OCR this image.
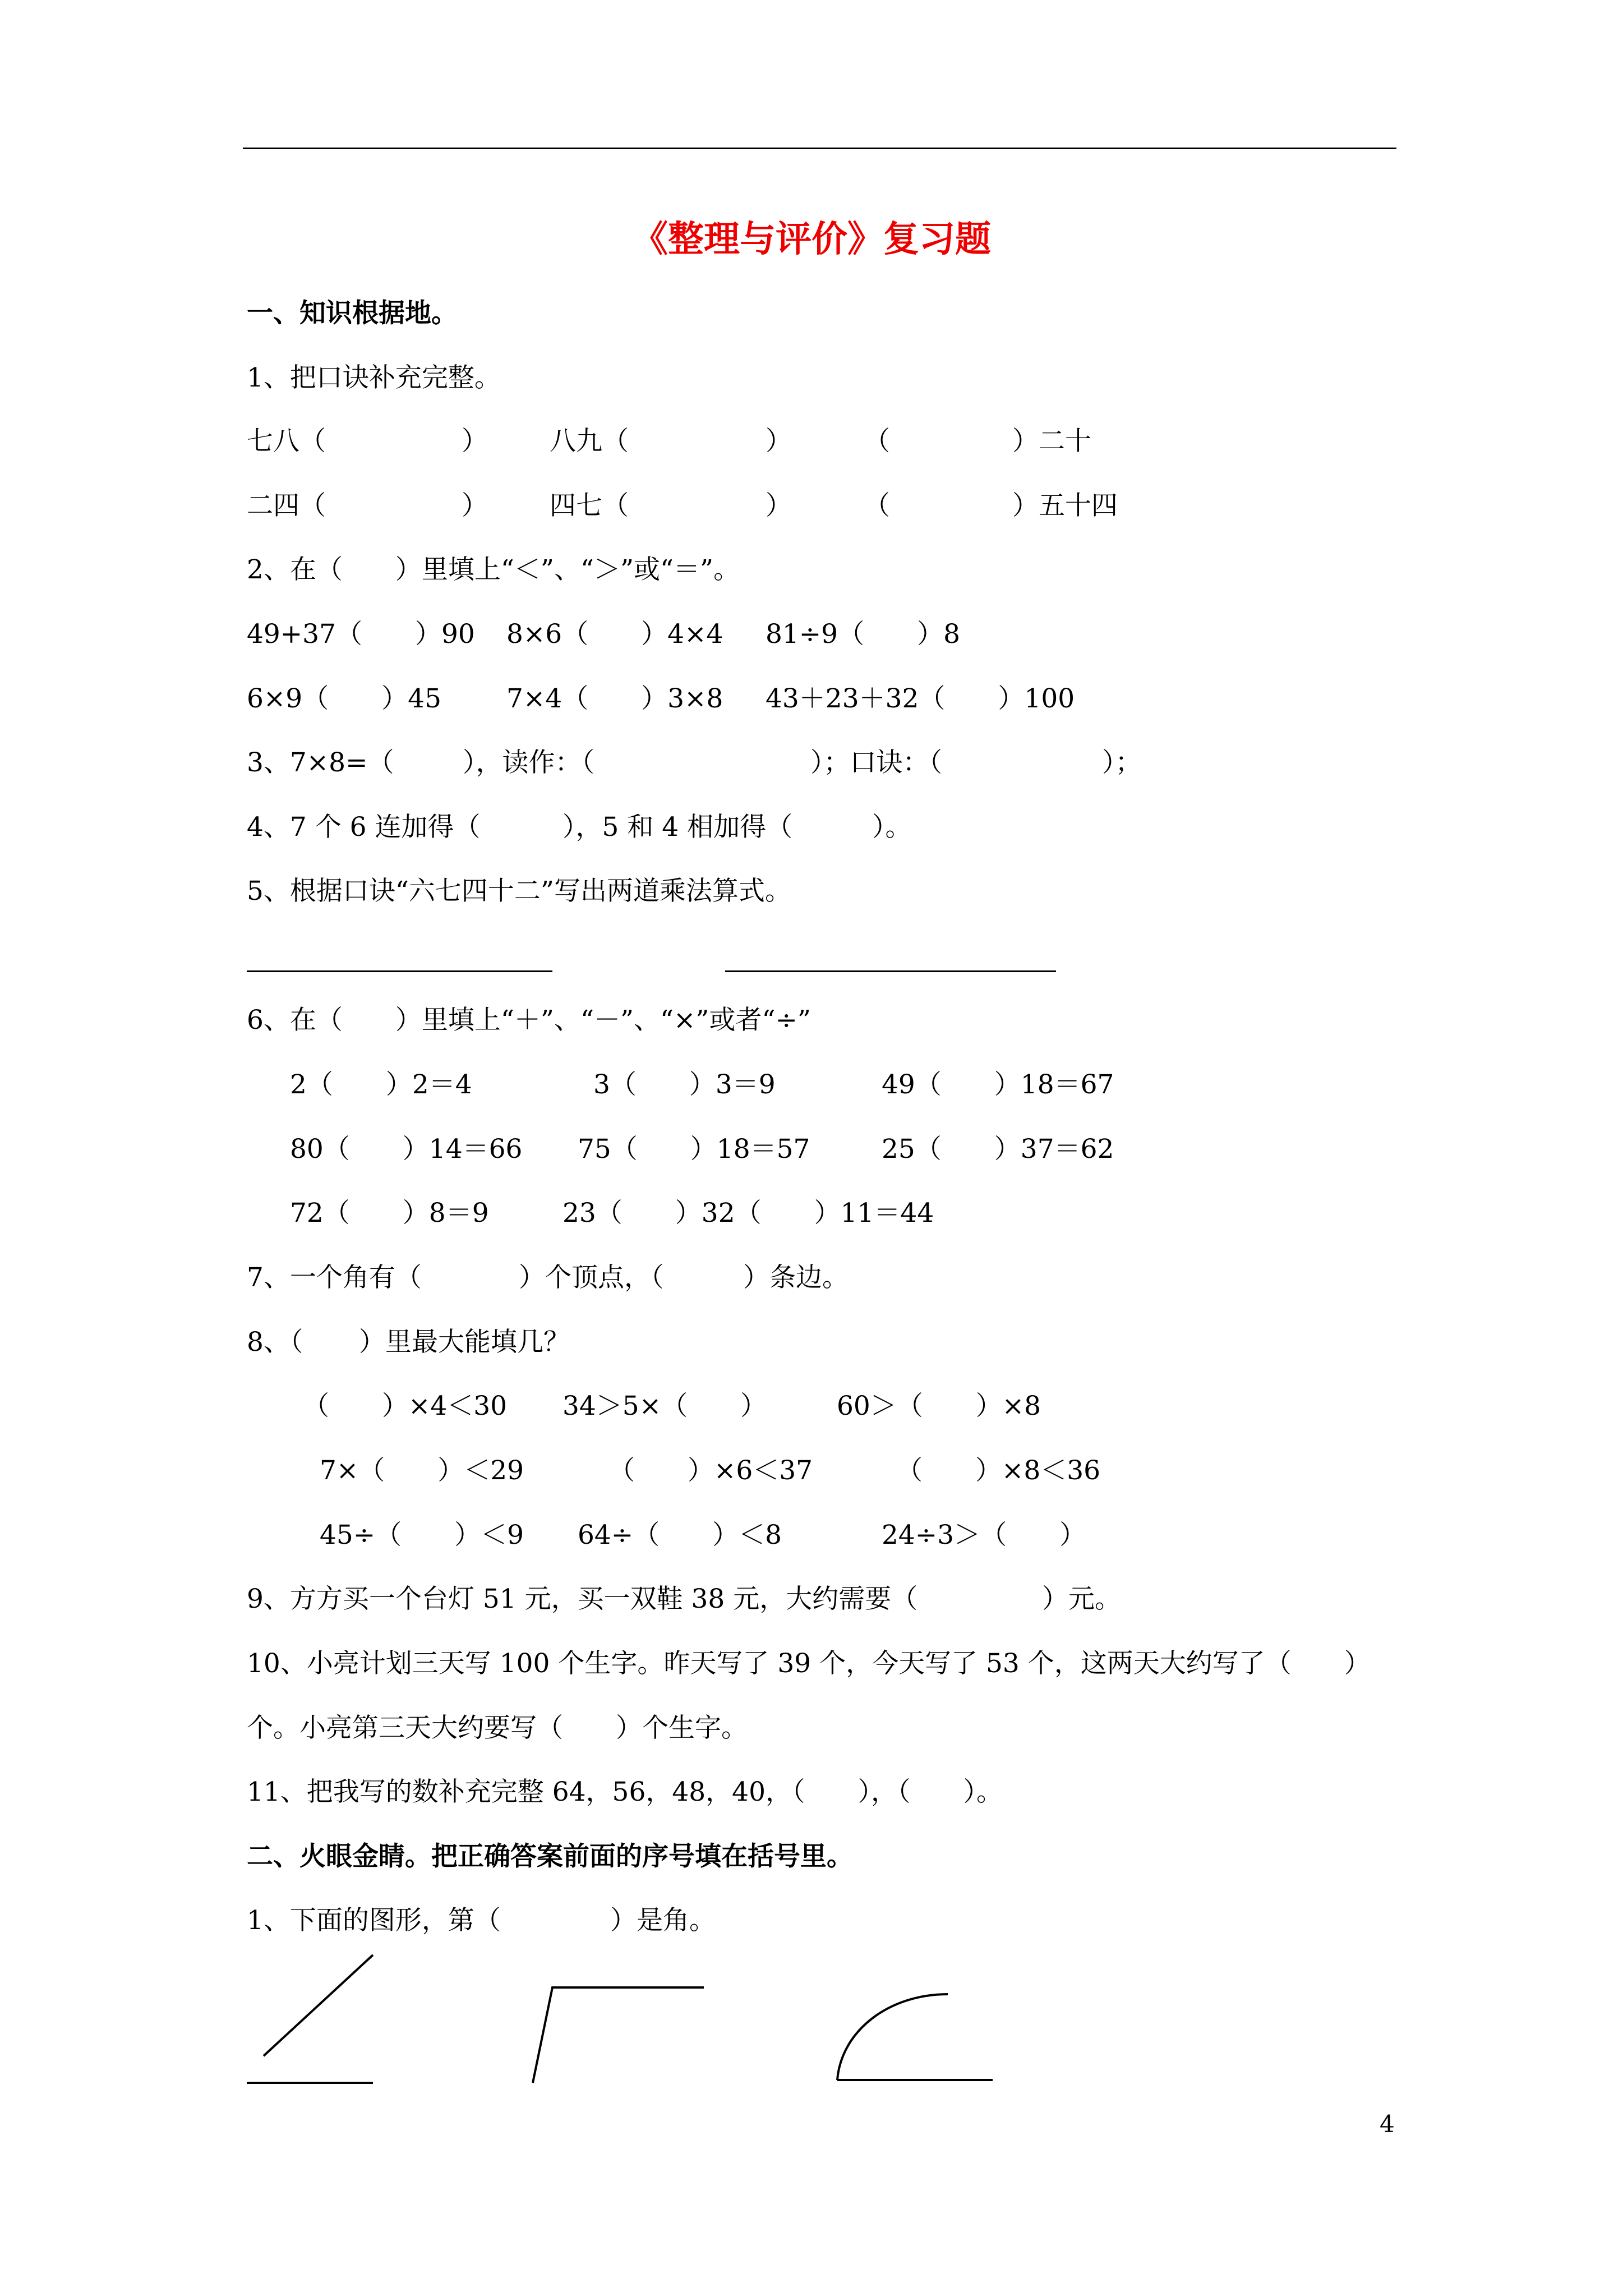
《整理与评价》复习题
一、知识根据地。
1、把口诀补充完整。
七八（	） 八九（	）	（	）二十
二四（	） 四七（	）	（	）五十四
2、在（　　）里填上“＜”、“＞”或“＝”。
49+37（　　）90 8×6（　　）4×4 81÷9（　　）8
6×9（　　）45 7×4（　　）3×8 43＋23＋32（　　）100
3、7×8=（	），读作：（	）；口诀：（	）；
4、7 个 6 连加得（	），5 和 4 相加得（	）。
5、根据口诀“六七四十二”写出两道乘法算式。
6、在（　　）里填上“＋”、“－”、“×”或者“÷”
2（　　）2＝4	3（　　）3＝9	49（　　）18＝67
80（　　）14＝66 75（　　）18＝57	25（　　）37＝62
72（　　）8＝9	23（　　）32（　　）11＝44
7、一个角有（	）个顶点，（	）条边。
8、（ ）里最大能填几？
（　　）×4＜30 34＞5×（　　）	60＞（　　）×8
7×（　　）＜29	（　　）×6＜37	（　　）×8＜36
45÷（　　）＜9 64÷（　　）＜8	24÷3＞（　　）
9、方方买一个台灯 51 元，买一双鞋 38 元，大约需要（	）元。
10、小亮计划三天写 100 个生字。昨天写了 39 个，今天写了 53 个，这两天大约写了（　　）
个。小亮第三天大约要写（　　）个生字。
11、把我写的数补充完整 64，56，48，40，（　　），（　　）。
二、火眼金睛。把正确答案前面的序号填在括号里。
1、下面的图形，第（	）是角。
4
